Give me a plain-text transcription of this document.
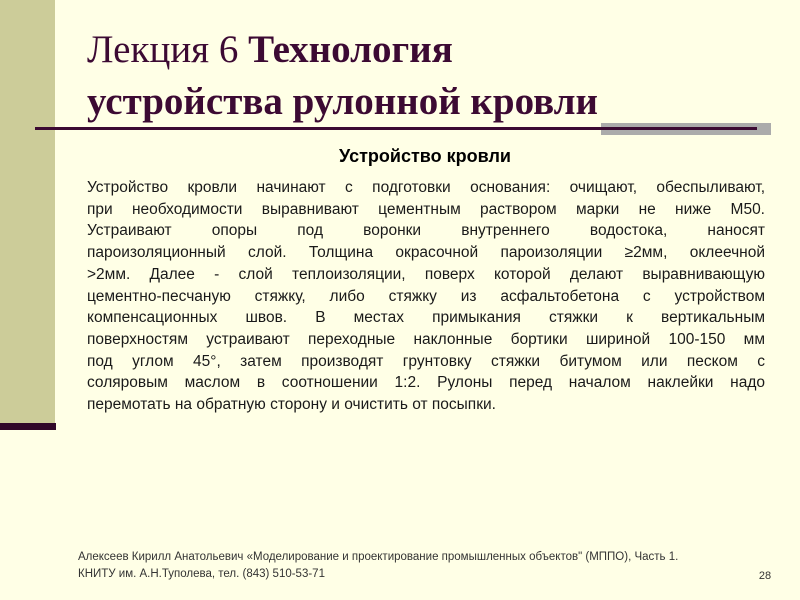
Лекция 6 Технология
устройства рулонной кровли
Устройство кровли
Устройство кровли начинают с подготовки основания: очищают, обеспыливают,
при необходимости выравнивают цементным раствором марки не ниже М50.
Устраивают опоры под воронки внутреннего водостока, наносят
пароизоляционный слой. Толщина окрасочной пароизоляции ≥2мм, оклеечной
>2мм. Далее - слой теплоизоляции, поверх которой делают выравнивающую
цементно-песчаную стяжку, либо стяжку из асфальтобетона с устройством
компенсационных швов. В местах примыкания стяжки к вертикальным
поверхностям устраивают переходные наклонные бортики шириной 100-150 мм
под углом 45°, затем производят грунтовку стяжки битумом или песком с
соляровым маслом в соотношении 1:2. Рулоны перед началом наклейки надо
перемотать на обратную сторону и очистить от посыпки.
Алексеев Кирилл Анатольевич «Моделирование и проектирование промышленных объектов" (МППО), Часть 1.
КНИТУ им. А.Н.Туполева, тел. (843) 510-53-71	28
